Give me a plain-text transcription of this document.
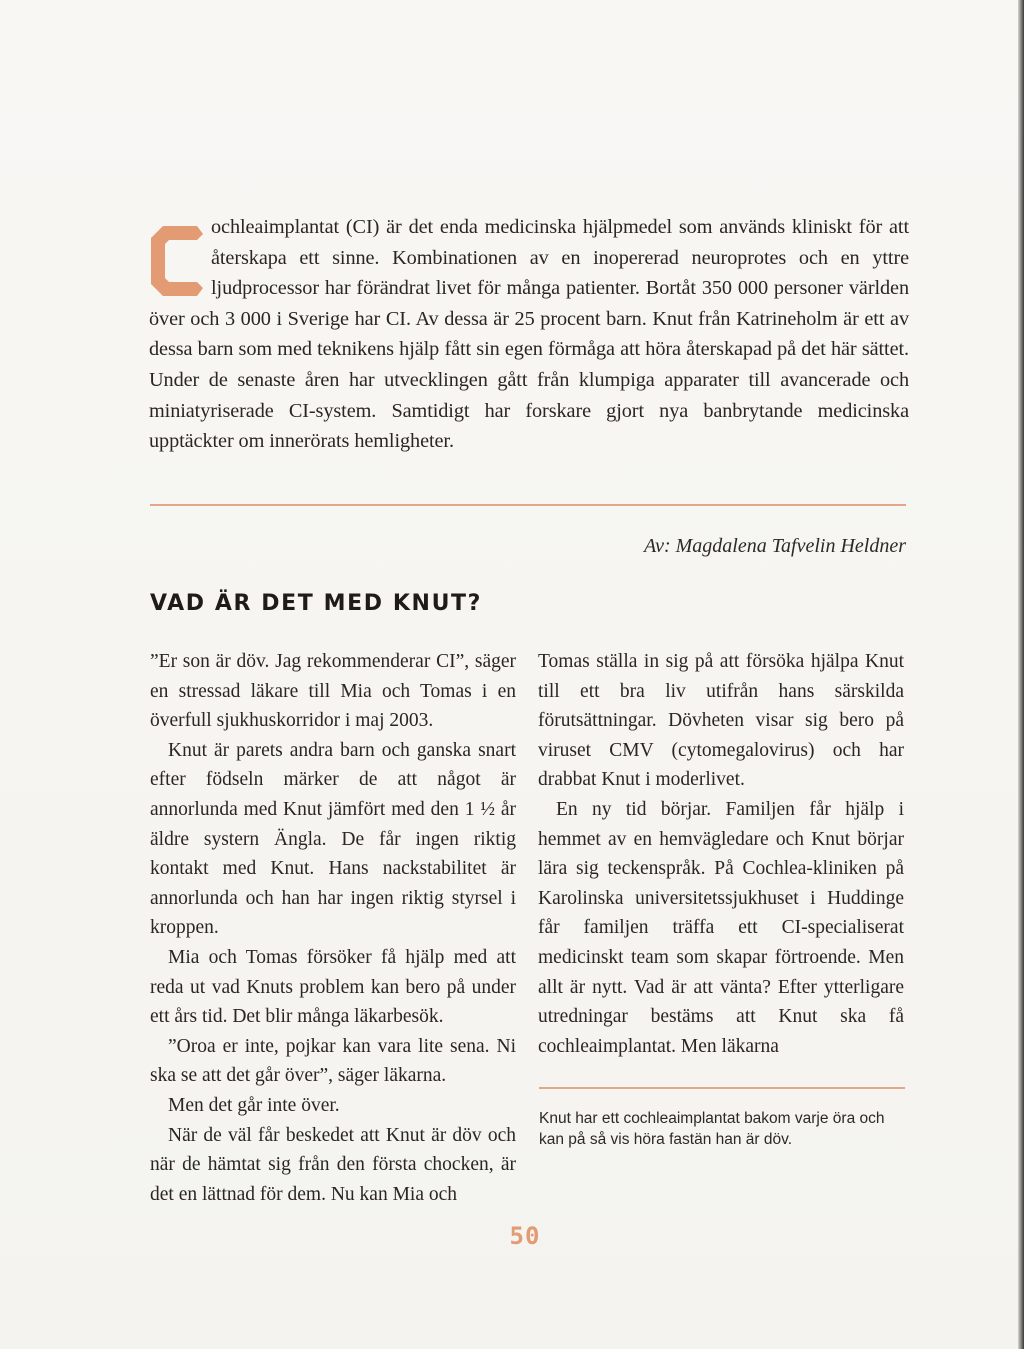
ochleaimplantat (CI) är det enda medicinska hjälpmedel som används kliniskt för att återskapa ett sinne. Kombinationen av en inopererad neuroprotes och en yttre ljudprocessor har förändrat livet för många patienter. Bortåt 350 000 personer världen över och 3 000 i Sverige har CI. Av dessa är 25 procent barn. Knut från Katrineholm är ett av dessa barn som med teknikens hjälp fått sin egen förmåga att höra återskapad på det här sättet. Under de senaste åren har utvecklingen gått från klumpiga apparater till avancerade och miniatyriserade CI-system. Samtidigt har forskare gjort nya banbrytande medicinska upptäckter om innerörats hemligheter.
Av: Magdalena Tafvelin Heldner
VAD ÄR DET MED KNUT?

”Er son är döv. Jag rekommenderar CI”, säger en stressad läkare till Mia och Tomas i en överfull sjukhuskorridor i maj 2003.

Knut är parets andra barn och ganska snart efter födseln märker de att något är annorlunda med Knut jämfört med den 1 ½ år äldre systern Ängla. De får ingen riktig kontakt med Knut. Hans nackstabilitet är annorlunda och han har ingen riktig styrsel i kroppen.

Mia och Tomas försöker få hjälp med att reda ut vad Knuts problem kan bero på under ett års tid. Det blir många läkarbesök.

”Oroa er inte, pojkar kan vara lite sena. Ni ska se att det går över”, säger läkarna.

Men det går inte över.

När de väl får beskedet att Knut är döv och när de hämtat sig från den första chocken, är det en lättnad för dem. Nu kan Mia och

Tomas ställa in sig på att försöka hjälpa Knut till ett bra liv utifrån hans särskilda förutsättningar. Dövheten visar sig bero på viruset CMV (cytomegalovirus) och har drabbat Knut i moderlivet.

En ny tid börjar. Familjen får hjälp i hemmet av en hemvägledare och Knut börjar lära sig teckenspråk. På Cochlea-kliniken på Karolinska universitetssjukhuset i Huddinge får familjen träffa ett CI-specialiserat medicinskt team som skapar förtroende. Men allt är nytt. Vad är att vänta? Efter ytterligare utredningar bestäms att Knut ska få cochleaimplantat. Men läkarna

Knut har ett cochleaimplantat bakom varje öra och kan på så vis höra fastän han är döv.
50
